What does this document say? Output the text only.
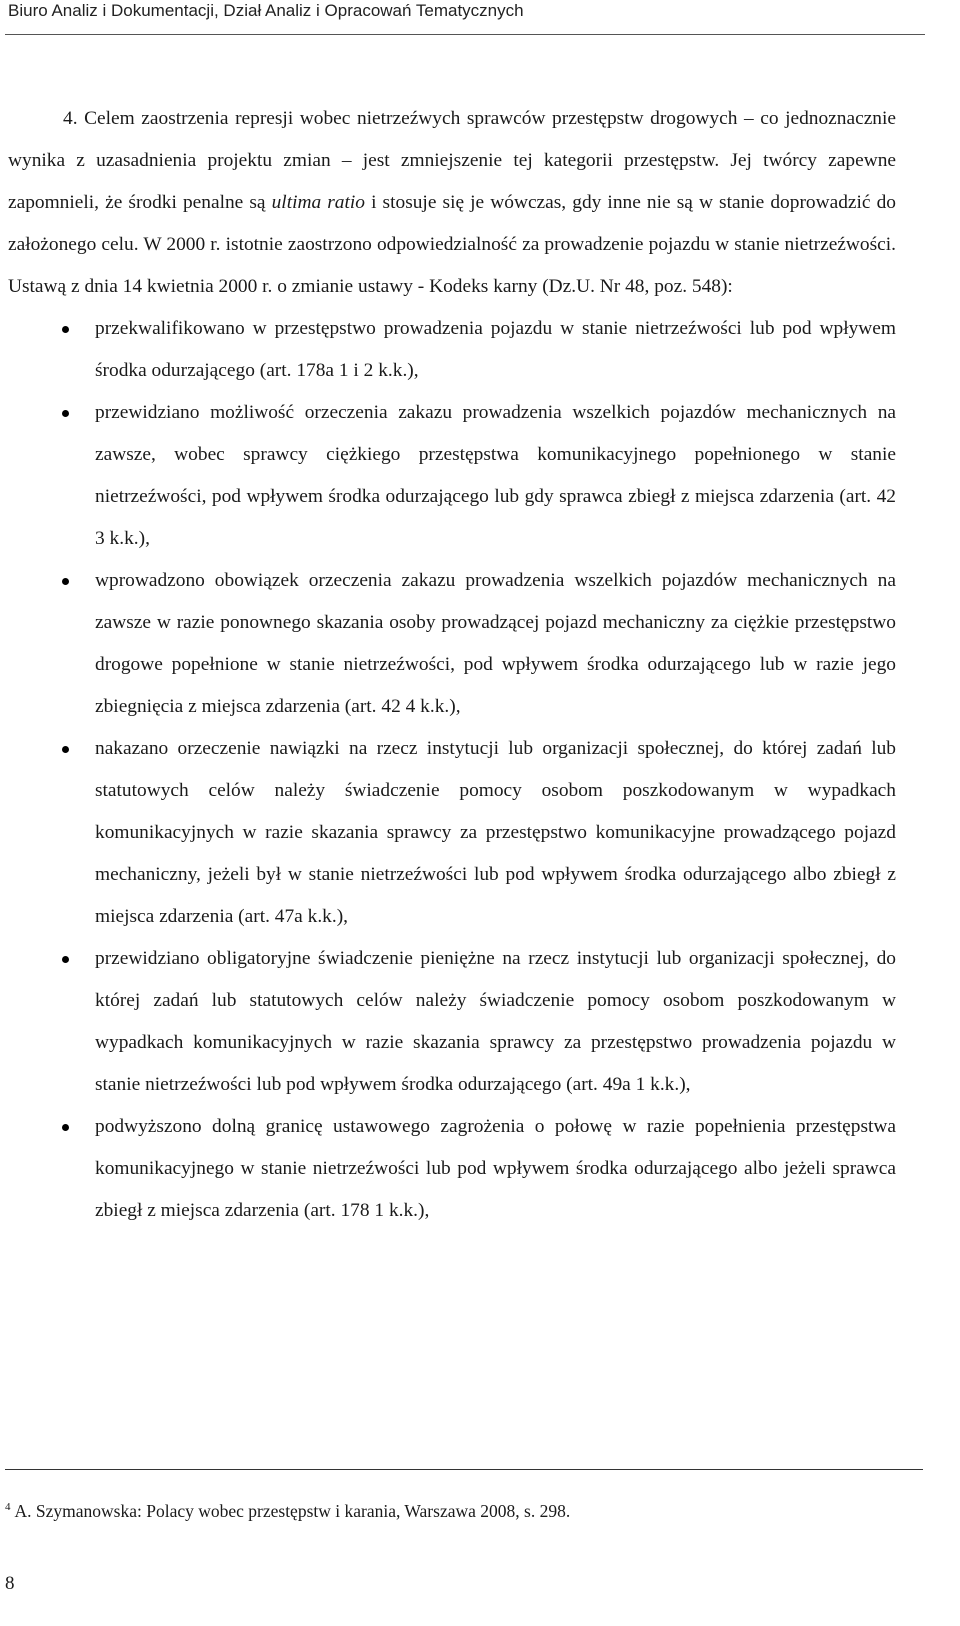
Biuro Analiz i Dokumentacji, Dział Analiz i Opracowań Tematycznych
4. Celem zaostrzenia represji wobec nietrzeźwych sprawców przestępstw drogowych – co jednoznacznie wynika z uzasadnienia projektu zmian – jest zmniejszenie tej kategorii przestępstw. Jej twórcy zapewne zapomnieli, że środki penalne są ultima ratio i stosuje się je wówczas, gdy inne nie są w stanie doprowadzić do założonego celu. W 2000 r. istotnie zaostrzono odpowiedzialność za prowadzenie pojazdu w stanie nietrzeźwości. Ustawą z dnia 14 kwietnia 2000 r. o zmianie ustawy - Kodeks karny (Dz.U. Nr 48, poz. 548):
przekwalifikowano w przestępstwo prowadzenia pojazdu w stanie nietrzeźwości lub pod wpływem środka odurzającego (art. 178a 1 i 2 k.k.),
przewidziano możliwość orzeczenia zakazu prowadzenia wszelkich pojazdów mechanicznych na zawsze, wobec sprawcy ciężkiego przestępstwa komunikacyjnego popełnionego w stanie nietrzeźwości, pod wpływem środka odurzającego lub gdy sprawca zbiegł z miejsca zdarzenia (art. 42 3 k.k.),
wprowadzono obowiązek orzeczenia zakazu prowadzenia wszelkich pojazdów mechanicznych na zawsze w razie ponownego skazania osoby prowadzącej pojazd mechaniczny za ciężkie przestępstwo drogowe popełnione w stanie nietrzeźwości, pod wpływem środka odurzającego lub w razie jego zbiegnięcia z miejsca zdarzenia (art. 42 4 k.k.),
nakazano orzeczenie nawiązki na rzecz instytucji lub organizacji społecznej, do której zadań lub statutowych celów należy świadczenie pomocy osobom poszkodowanym w wypadkach komunikacyjnych w razie skazania sprawcy za przestępstwo komunikacyjne prowadzącego pojazd mechaniczny, jeżeli był w stanie nietrzeźwości lub pod wpływem środka odurzającego albo zbiegł z miejsca zdarzenia (art. 47a k.k.),
przewidziano obligatoryjne świadczenie pieniężne na rzecz instytucji lub organizacji społecznej, do której zadań lub statutowych celów należy świadczenie pomocy osobom poszkodowanym w wypadkach komunikacyjnych w razie skazania sprawcy za przestępstwo prowadzenia pojazdu w stanie nietrzeźwości lub pod wpływem środka odurzającego (art. 49a 1 k.k.),
podwyższono dolną granicę ustawowego zagrożenia o połowę w razie popełnienia przestępstwa komunikacyjnego w stanie nietrzeźwości lub pod wpływem środka odurzającego albo jeżeli sprawca zbiegł z miejsca zdarzenia (art. 178 1 k.k.),
$^4$ A. Szymanowska: Polacy wobec przestępstw i karania, Warszawa 2008, s. 298.
8
